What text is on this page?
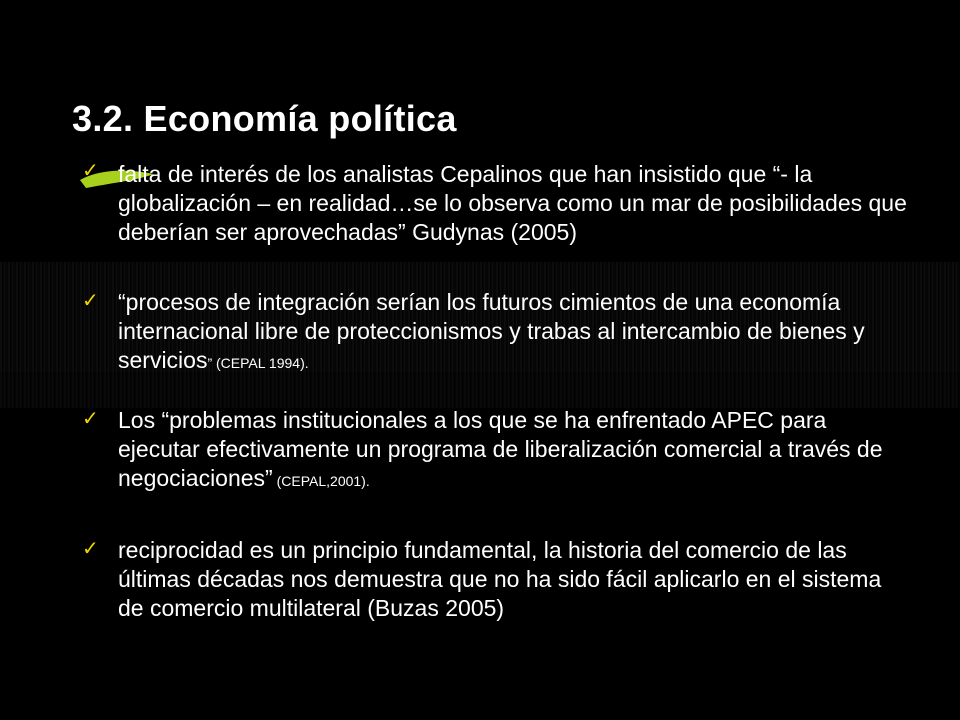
3.2. Economía política
✓ falta de interés de los analistas Cepalinos que han insistido que “- la globalización – en realidad…se lo observa como un mar de posibilidades que deberían ser aprovechadas” Gudynas (2005)
✓ “procesos de integración serían los futuros cimientos de una economía internacional libre de proteccionismos y trabas al intercambio de bienes y servicios” (CEPAL 1994).
✓ Los “problemas institucionales a los que se ha enfrentado APEC para ejecutar efectivamente un programa de liberalización comercial a través de negociaciones” (CEPAL,2001).
✓ reciprocidad es un principio fundamental, la historia del comercio de las últimas décadas nos demuestra que no ha sido fácil aplicarlo en el sistema de comercio multilateral (Buzas 2005)
